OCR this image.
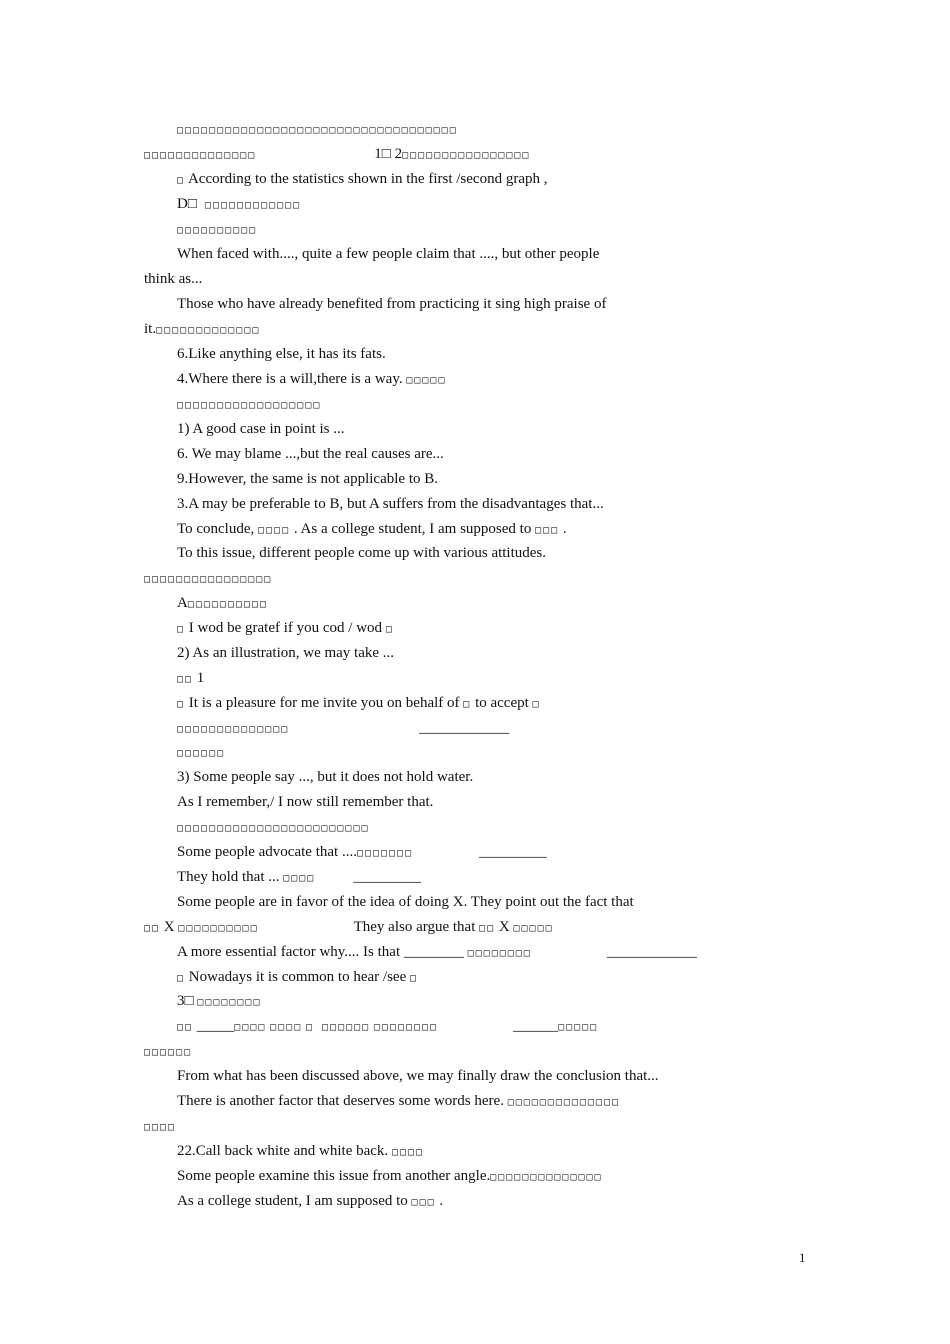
□□□□□□□□□□□□□□□□□□□□□□□□□□□□□□□□□□□
□□□□□□□□□□□□□□	1□ 2□□□□□□□□□□□□□□□□
□ According to the statistics shown in the first /second graph ,
D□ □□□□□□□□□□□□
□□□□□□□□□□
When faced with...., quite a few people claim that ...., but other people
think as...
Those who have already benefited from practicing it sing high praise of
it.□□□□□□□□□□□□□
6.Like anything else, it has its fats.
4.Where there is a will,there is a way. □□□□□
□□□□□□□□□□□□□□□□□□
1) A good case in point is ...
6. We may blame ...,but the real causes are...
9.However, the same is not applicable to B.
3.A may be preferable to B, but A suffers from the disadvantages that...
To conclude, □□□□ . As a college student, I am supposed to □□□ .
To this issue, different people come up with various attitudes.
□□□□□□□□□□□□□□□□
A□□□□□□□□□□
□ I wod be gratef if you cod / wod □
2) As an illustration, we may take ...
□□ 1
□ It is a pleasure for me invite you on behalf of □ to accept □
□□□□□□□□□□□□□□	____________
□□□□□□
3) Some people say ..., but it does not hold water.
As I remember,/ I now still remember that.
□□□□□□□□□□□□□□□□□□□□□□□□
Some people advocate that ....□□□□□□□	_________
They hold that ... □□□□	_________
Some people are in favor of the idea of doing X. They point out the fact that
□□ X □□□□□□□□□□	They also argue that □□ X □□□□□
A more essential factor why.... Is that ________ □□□□□□□□	____________
□ Nowadays it is common to hear /see □
3□ □□□□□□□□
□□ _____□□□□ □□□□ □ □□□□□□ □□□□□□□□	______□□□□□
□□□□□□
From what has been discussed above, we may finally draw the conclusion that...
There is another factor that deserves some words here. □□□□□□□□□□□□□□
□□□□
22.Call back white and white back. □□□□
Some people examine this issue from another angle.□□□□□□□□□□□□□□
As a college student, I am supposed to □□□ .
1
